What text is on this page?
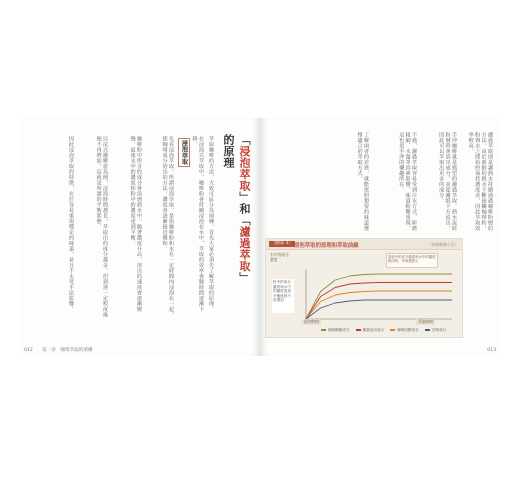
「浸泡萃取」和「濾過萃取」的原理
萃取咖啡的方法，大致可區分為兩種。首先大家必須先了解萃取的原理。
在浸泡式萃取中，咖啡粉會持續浸泡在水中，萃取的效率會隨時間逐漸下降。
浸泡萃取
先看浸泡萃取。所謂浸泡萃取，是指咖啡粉和水在一定時間內浸泡在一起，使咖啡成分溶出的方法。濃度會逐漸接近飽和。
咖啡粉中所含的成分會溶到熱水中，隨著濃度升高，溶出的速度會逐漸變慢。最後水中的濃度和粉中的濃度達到平衡。
以法式濾壓壺為例，浸泡時間越長，萃取出的成分越多，但到達一定程度後便不再增加，這就是所謂的平衡狀態。
因此浸泡萃取的特徵，在於容易重現穩定的味道，並且不太受手法影響。
012 第一章　咖啡萃取的架構
濾過萃取則是讓熱水持續通過咖啡粉層的方法。由於新鮮的熱水不斷接觸咖啡粉，粉與水之間始終保持濃度差，因此萃取效率較高。
手沖咖啡就是典型的濾過萃取。熱水流經粉層時會溶出成分，並從濾紙下方流出，因此可以萃取出更多的成分。
不過，濾過萃取容易受到注水方式、研磨粗細、水溫等因素影響，味道較難重現，這也是手沖的樂趣所在。
了解兩者的差異，就能依照想要的味道選擇適合的萃取方式。
013
［圖表 3］ 浸泡萃取的原理和萃取曲線	（實驗數據示意）
水中的成分濃度
粉中的成分濃度和水中的濃度達到平衡後就不再增加
當粉中的成分濃度和水中的濃度相同時，萃取便停止
最初時間	萃取時間
咖啡醇類成分	酸類溶出成分	咖啡因類成分	苦味成分
